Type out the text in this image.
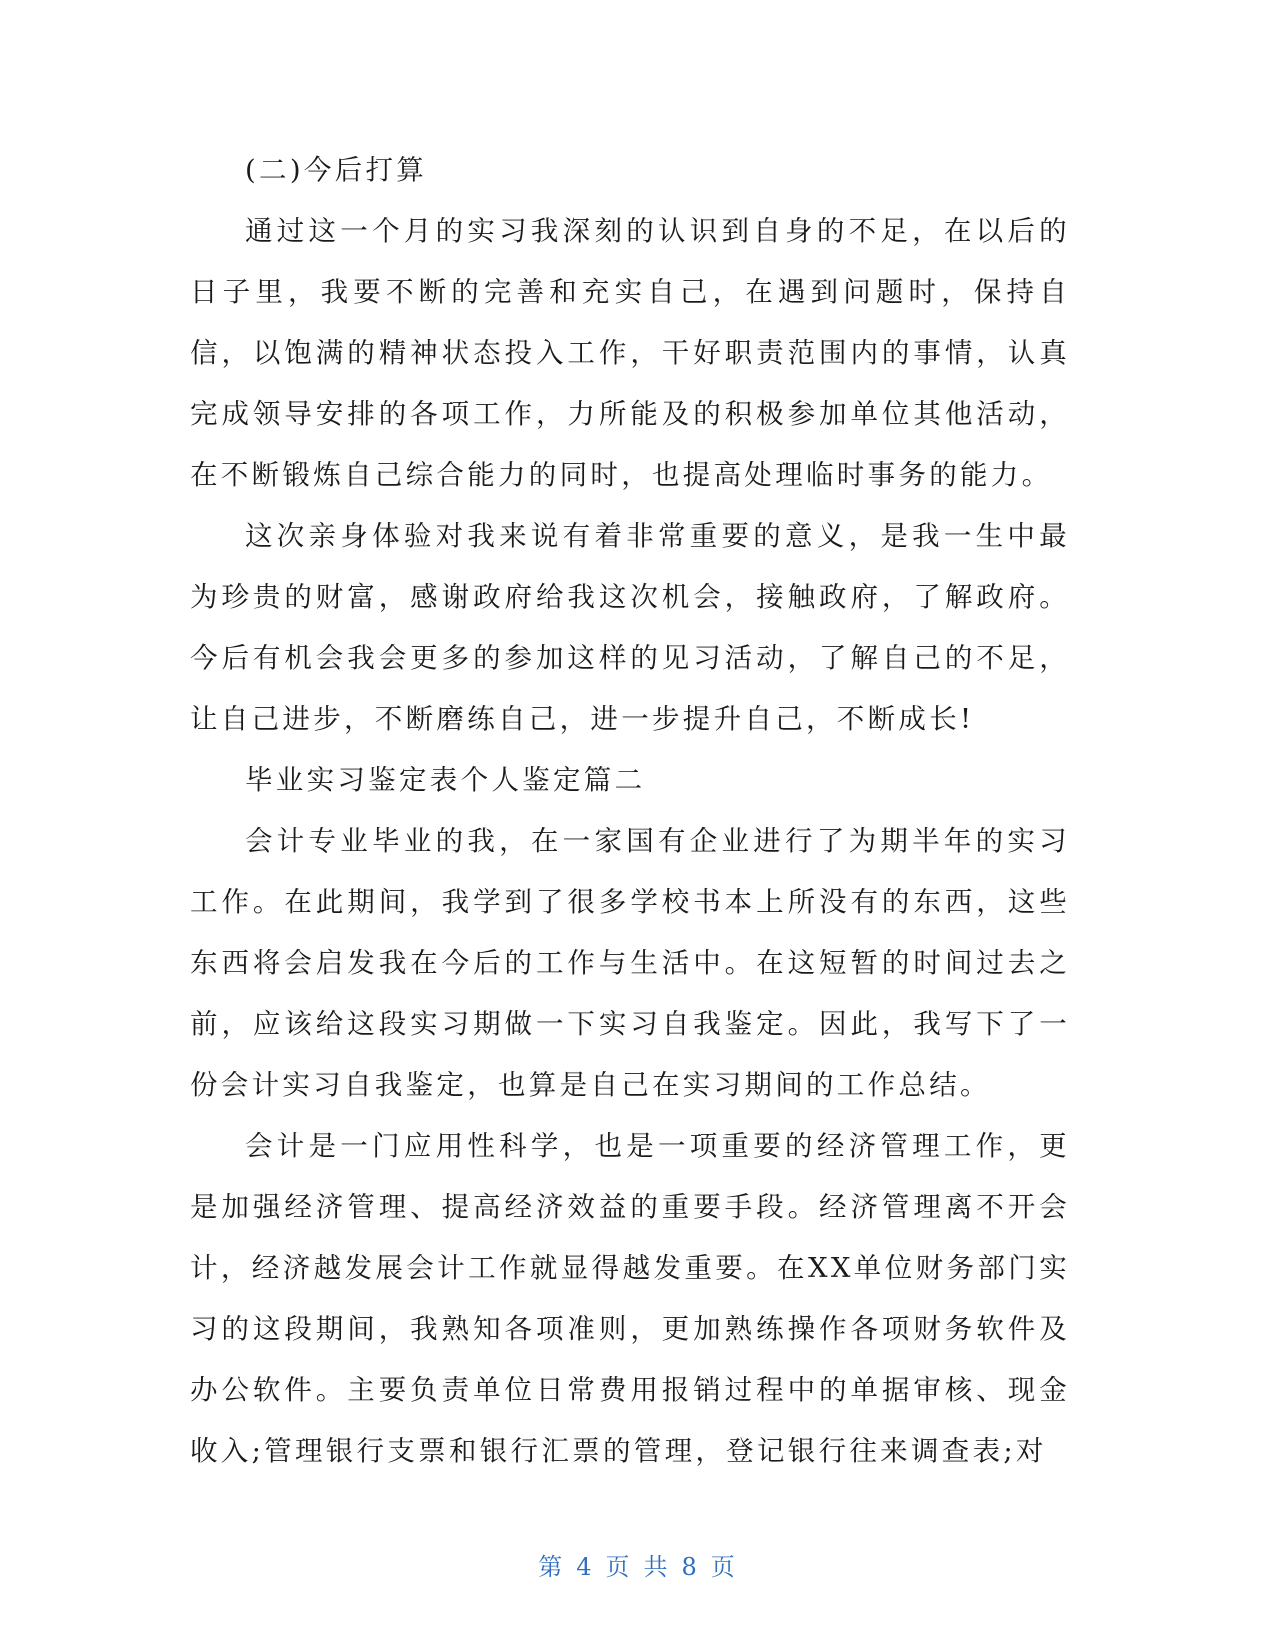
(二)今后打算

通过这一个月的实习我深刻的认识到自身的不足，在以后的日子里，我要不断的完善和充实自己，在遇到问题时，保持自信，以饱满的精神状态投入工作，干好职责范围内的事情，认真完成领导安排的各项工作，力所能及的积极参加单位其他活动，在不断锻炼自己综合能力的同时，也提高处理临时事务的能力。

这次亲身体验对我来说有着非常重要的意义，是我一生中最为珍贵的财富，感谢政府给我这次机会，接触政府，了解政府。今后有机会我会更多的参加这样的见习活动，了解自己的不足，让自己进步，不断磨练自己，进一步提升自己，不断成长!

毕业实习鉴定表个人鉴定篇二

会计专业毕业的我，在一家国有企业进行了为期半年的实习工作。在此期间，我学到了很多学校书本上所没有的东西，这些东西将会启发我在今后的工作与生活中。在这短暂的时间过去之前，应该给这段实习期做一下实习自我鉴定。因此，我写下了一份会计实习自我鉴定，也算是自己在实习期间的工作总结。

会计是一门应用性科学，也是一项重要的经济管理工作，更是加强经济管理、提高经济效益的重要手段。经济管理离不开会计，经济越发展会计工作就显得越发重要。在XX单位财务部门实习的这段期间，我熟知各项准则，更加熟练操作各项财务软件及办公软件。主要负责单位日常费用报销过程中的单据审核、现金收入;管理银行支票和银行汇票的管理，登记银行往来调查表;对

第 4 页 共 8 页
